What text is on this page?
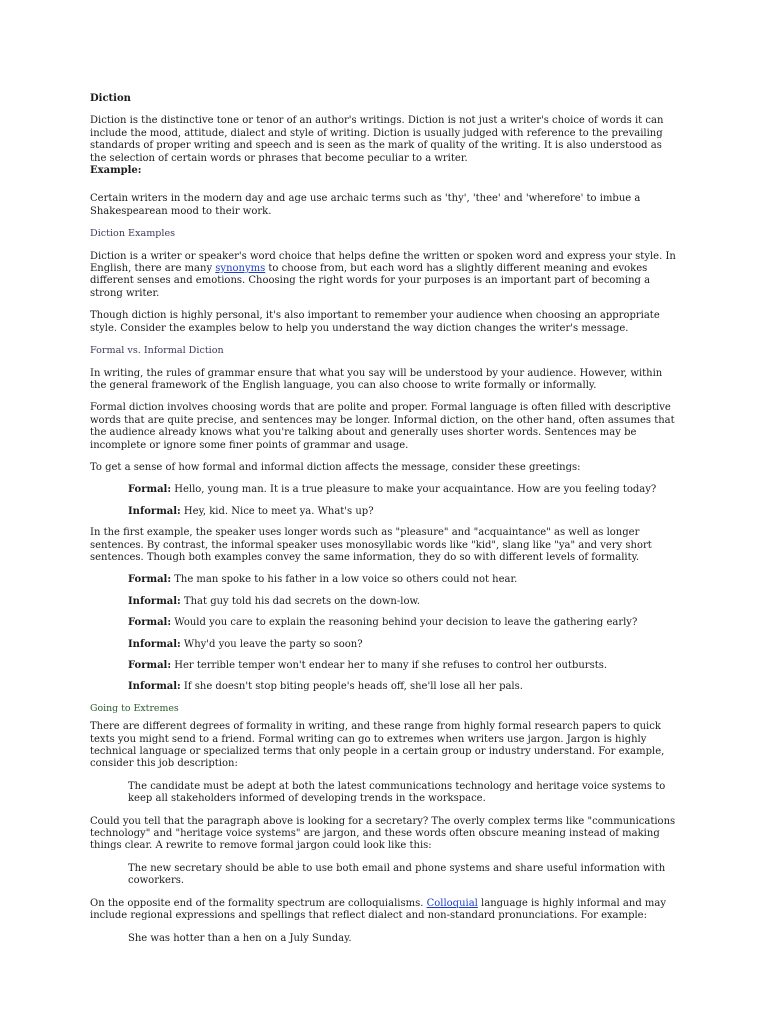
Diction

Diction is the distinctive tone or tenor of an author's writings. Diction is not just a writer's choice of words it can include the mood, attitude, dialect and style of writing. Diction is usually judged with reference to the prevailing standards of proper writing and speech and is seen as the mark of quality of the writing. It is also understood as the selection of certain words or phrases that become peculiar to a writer.

Example:

Certain writers in the modern day and age use archaic terms such as 'thy', 'thee' and 'wherefore' to imbue a Shakespearean mood to their work.

Diction Examples

Diction is a writer or speaker's word choice that helps define the written or spoken word and express your style. In English, there are many synonyms to choose from, but each word has a slightly different meaning and evokes different senses and emotions. Choosing the right words for your purposes is an important part of becoming a strong writer.

Though diction is highly personal, it's also important to remember your audience when choosing an appropriate style. Consider the examples below to help you understand the way diction changes the writer's message.

Formal vs. Informal Diction

In writing, the rules of grammar ensure that what you say will be understood by your audience. However, within the general framework of the English language, you can also choose to write formally or informally.

Formal diction involves choosing words that are polite and proper. Formal language is often filled with descriptive words that are quite precise, and sentences may be longer. Informal diction, on the other hand, often assumes that the audience already knows what you're talking about and generally uses shorter words. Sentences may be incomplete or ignore some finer points of grammar and usage.

To get a sense of how formal and informal diction affects the message, consider these greetings:

Formal: Hello, young man. It is a true pleasure to make your acquaintance. How are you feeling today?

Informal: Hey, kid. Nice to meet ya. What's up?

In the first example, the speaker uses longer words such as "pleasure" and "acquaintance" as well as longer sentences. By contrast, the informal speaker uses monosyllabic words like "kid", slang like "ya" and very short sentences. Though both examples convey the same information, they do so with different levels of formality.

Formal: The man spoke to his father in a low voice so others could not hear.

Informal: That guy told his dad secrets on the down-low.

Formal: Would you care to explain the reasoning behind your decision to leave the gathering early?

Informal: Why'd you leave the party so soon?

Formal: Her terrible temper won't endear her to many if she refuses to control her outbursts.

Informal: If she doesn't stop biting people's heads off, she'll lose all her pals.

Going to Extremes

There are different degrees of formality in writing, and these range from highly formal research papers to quick texts you might send to a friend. Formal writing can go to extremes when writers use jargon. Jargon is highly technical language or specialized terms that only people in a certain group or industry understand. For example, consider this job description:

The candidate must be adept at both the latest communications technology and heritage voice systems to keep all stakeholders informed of developing trends in the workspace.

Could you tell that the paragraph above is looking for a secretary? The overly complex terms like "communications technology" and "heritage voice systems" are jargon, and these words often obscure meaning instead of making things clear. A rewrite to remove formal jargon could look like this:

The new secretary should be able to use both email and phone systems and share useful information with coworkers.

On the opposite end of the formality spectrum are colloquialisms. Colloquial language is highly informal and may include regional expressions and spellings that reflect dialect and non-standard pronunciations. For example:

She was hotter than a hen on a July Sunday.
